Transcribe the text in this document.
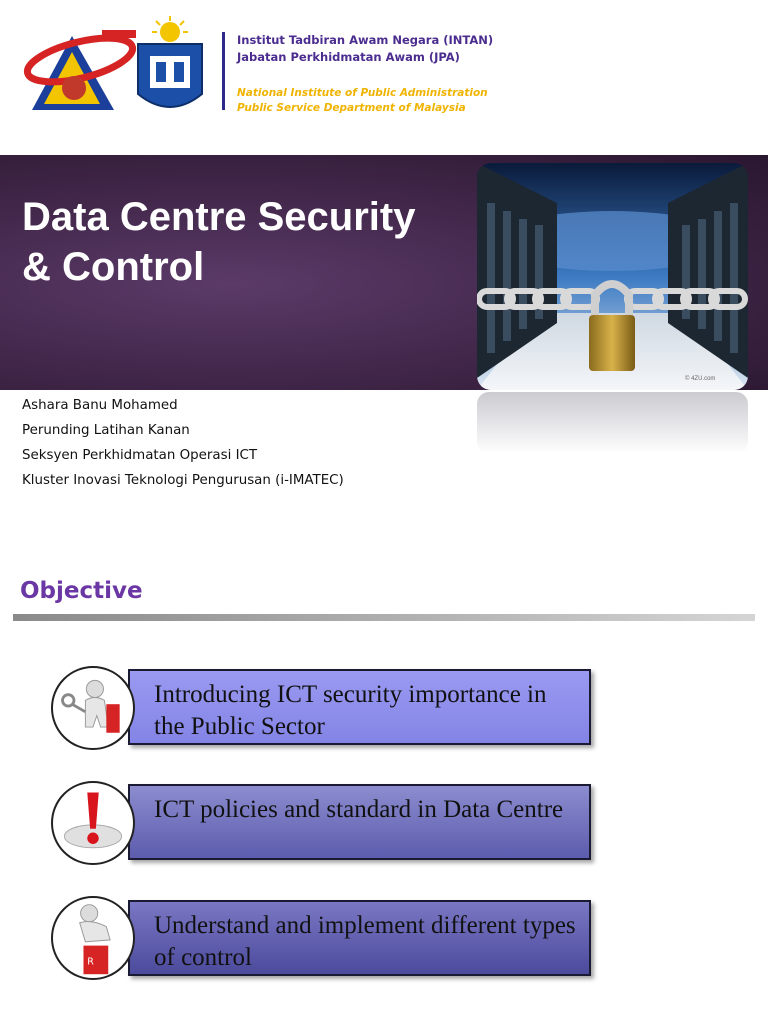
Institut Tadbiran Awam Negara (INTAN)
Jabatan Perkhidmatan Awam (JPA)
National Institute of Public Administration
Public Service Department of Malaysia
Data Centre Security
& Control
© 4ZU.com
Ashara Banu Mohamed
Perunding Latihan Kanan
Seksyen Perkhidmatan Operasi ICT
Kluster Inovasi Teknologi Pengurusan (i-IMATEC)
Objective
Introducing ICT security importance in the Public Sector
ICT policies and standard in Data Centre
Understand and implement different types of control
R
